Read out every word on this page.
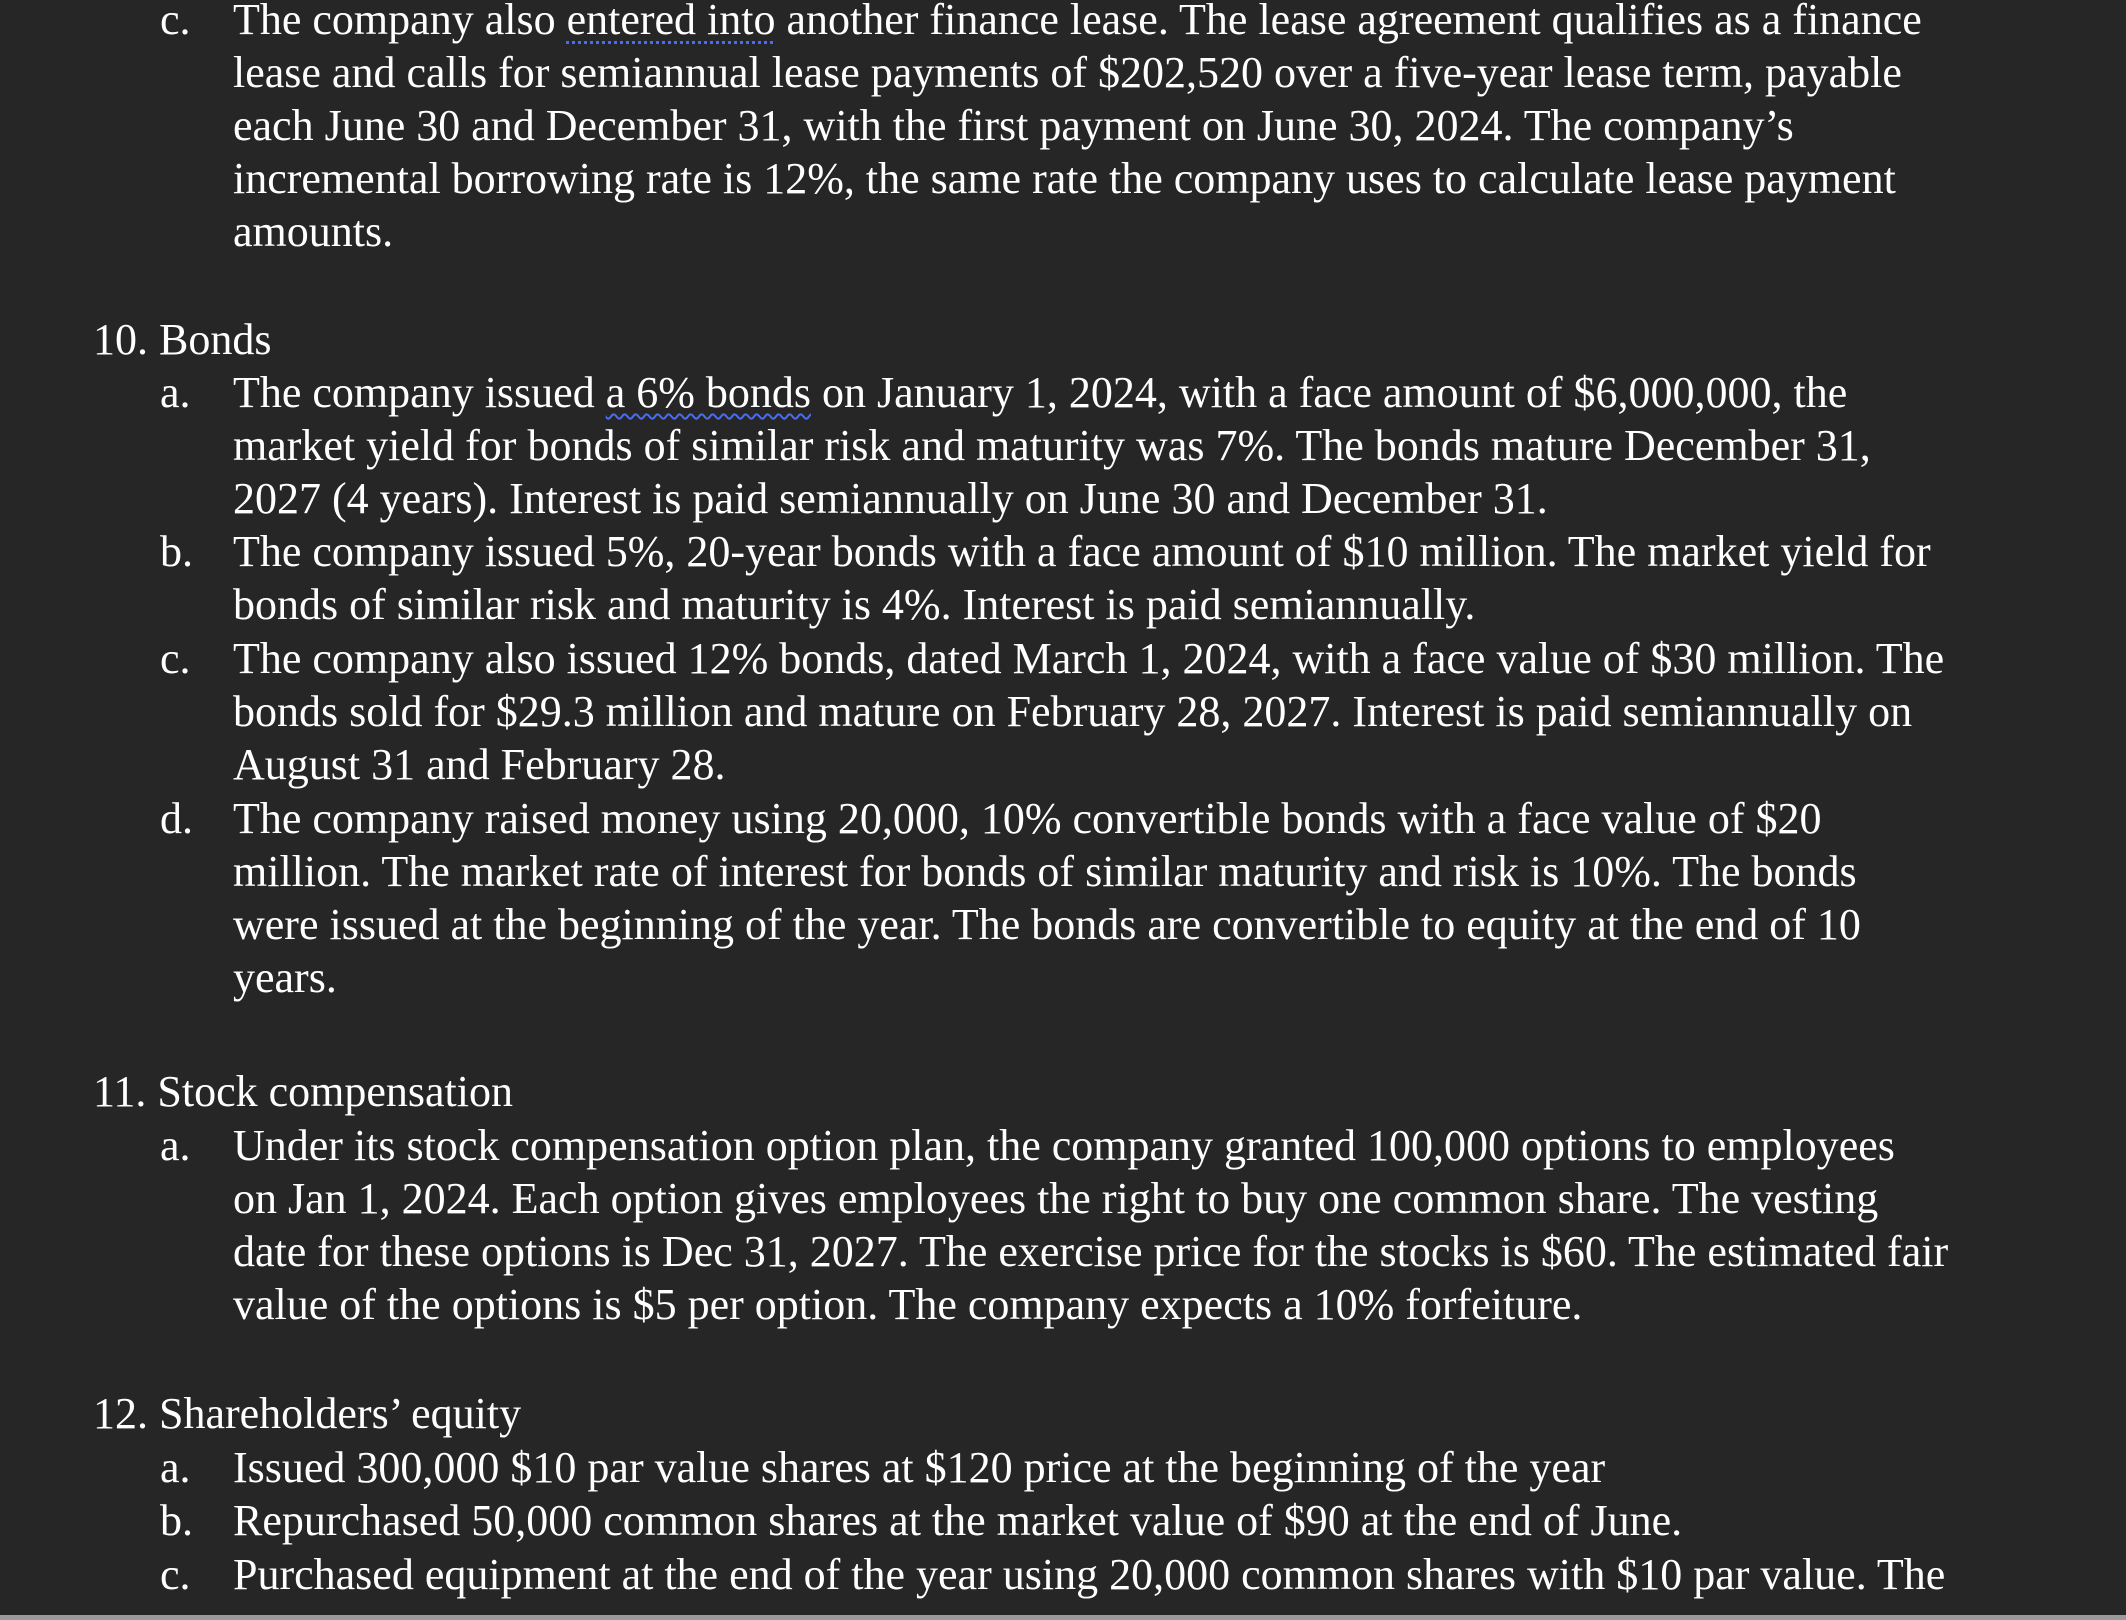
c. The company also entered into another finance lease. The lease agreement qualifies as a finance
lease and calls for semiannual lease payments of $202,520 over a five-year lease term, payable
each June 30 and December 31, with the first payment on June 30, 2024. The company’s
incremental borrowing rate is 12%, the same rate the company uses to calculate lease payment
amounts.
10. Bonds
a. The company issued a 6% bonds on January 1, 2024, with a face amount of $6,000,000, the
market yield for bonds of similar risk and maturity was 7%. The bonds mature December 31,
2027 (4 years). Interest is paid semiannually on June 30 and December 31.
b. The company issued 5%, 20-year bonds with a face amount of $10 million. The market yield for
bonds of similar risk and maturity is 4%. Interest is paid semiannually.
c. The company also issued 12% bonds, dated March 1, 2024, with a face value of $30 million. The
bonds sold for $29.3 million and mature on February 28, 2027. Interest is paid semiannually on
August 31 and February 28.
d. The company raised money using 20,000, 10% convertible bonds with a face value of $20
million. The market rate of interest for bonds of similar maturity and risk is 10%. The bonds
were issued at the beginning of the year. The bonds are convertible to equity at the end of 10
years.
11. Stock compensation
a. Under its stock compensation option plan, the company granted 100,000 options to employees
on Jan 1, 2024. Each option gives employees the right to buy one common share. The vesting
date for these options is Dec 31, 2027. The exercise price for the stocks is $60. The estimated fair
value of the options is $5 per option. The company expects a 10% forfeiture.
12. Shareholders’ equity
a. Issued 300,000 $10 par value shares at $120 price at the beginning of the year
b. Repurchased 50,000 common shares at the market value of $90 at the end of June.
c. Purchased equipment at the end of the year using 20,000 common shares with $10 par value. The
